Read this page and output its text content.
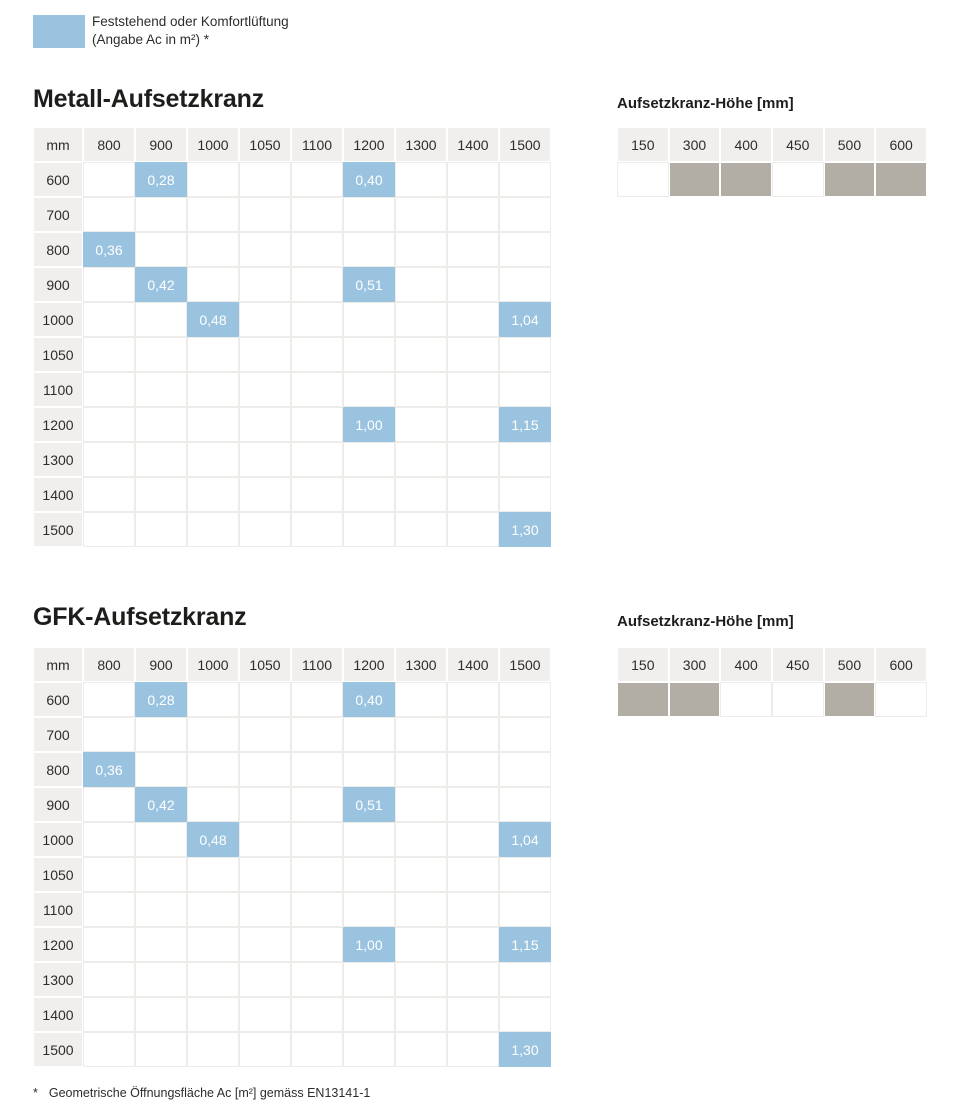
Feststehend oder Komfortlüftung
(Angabe Ac in m²) *
Metall-Aufsetzkranz	Aufsetzkranz-Höhe [mm]
mm	800	900	1000	1050	1100	1200	1300	1400	1500
600		0,28				0,40			
700									
800	0,36								
900		0,42				0,51			
1000			0,48						1,04
1050									
1100									
1200						1,00			1,15
1300									
1400									
1500									1,30
150	300	400	450	500	600

GFK-Aufsetzkranz	Aufsetzkranz-Höhe [mm]
mm	800	900	1000	1050	1100	1200	1300	1400	1500
600		0,28				0,40			
700									
800	0,36								
900		0,42				0,51			
1000			0,48						1,04
1050									
1100									
1200						1,00			1,15
1300									
1400									
1500									1,30
150	300	400	450	500	600

* Geometrische Öffnungsfläche Ac [m²] gemäss EN13141-1
